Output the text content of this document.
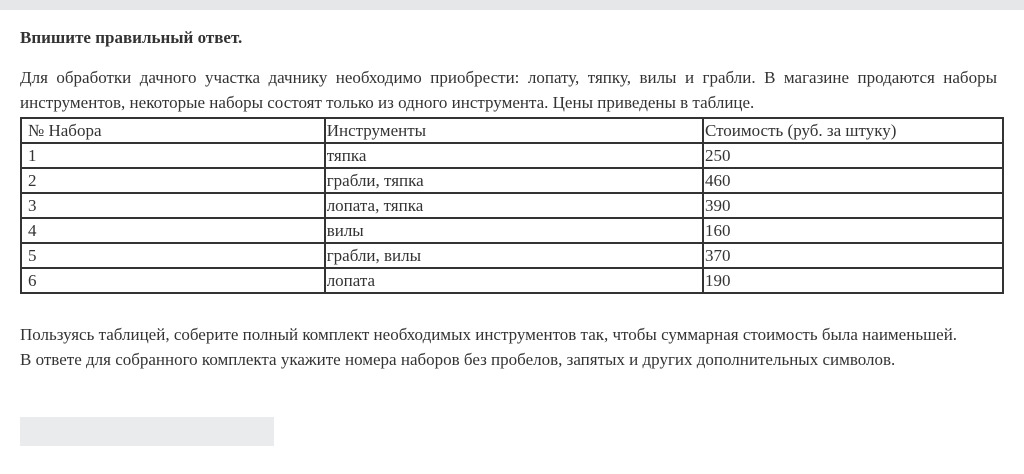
Впишите правильный ответ.

Для обработки дачного участка дачнику необходимо приобрести: лопату, тяпку, вилы и грабли. В магазине продаются наборы инструментов, некоторые наборы состоят только из одного инструмента. Цены приведены в таблице.

№ Набора	Инструменты	Стоимость (руб. за штуку)
1	тяпка	250
2	грабли, тяпка	460
3	лопата, тяпка	390
4	вилы	160
5	грабли, вилы	370
6	лопата	190

Пользуясь таблицей, соберите полный комплект необходимых инструментов так, чтобы суммарная стоимость была наименьшей.
В ответе для собранного комплекта укажите номера наборов без пробелов, запятых и других дополнительных символов.
